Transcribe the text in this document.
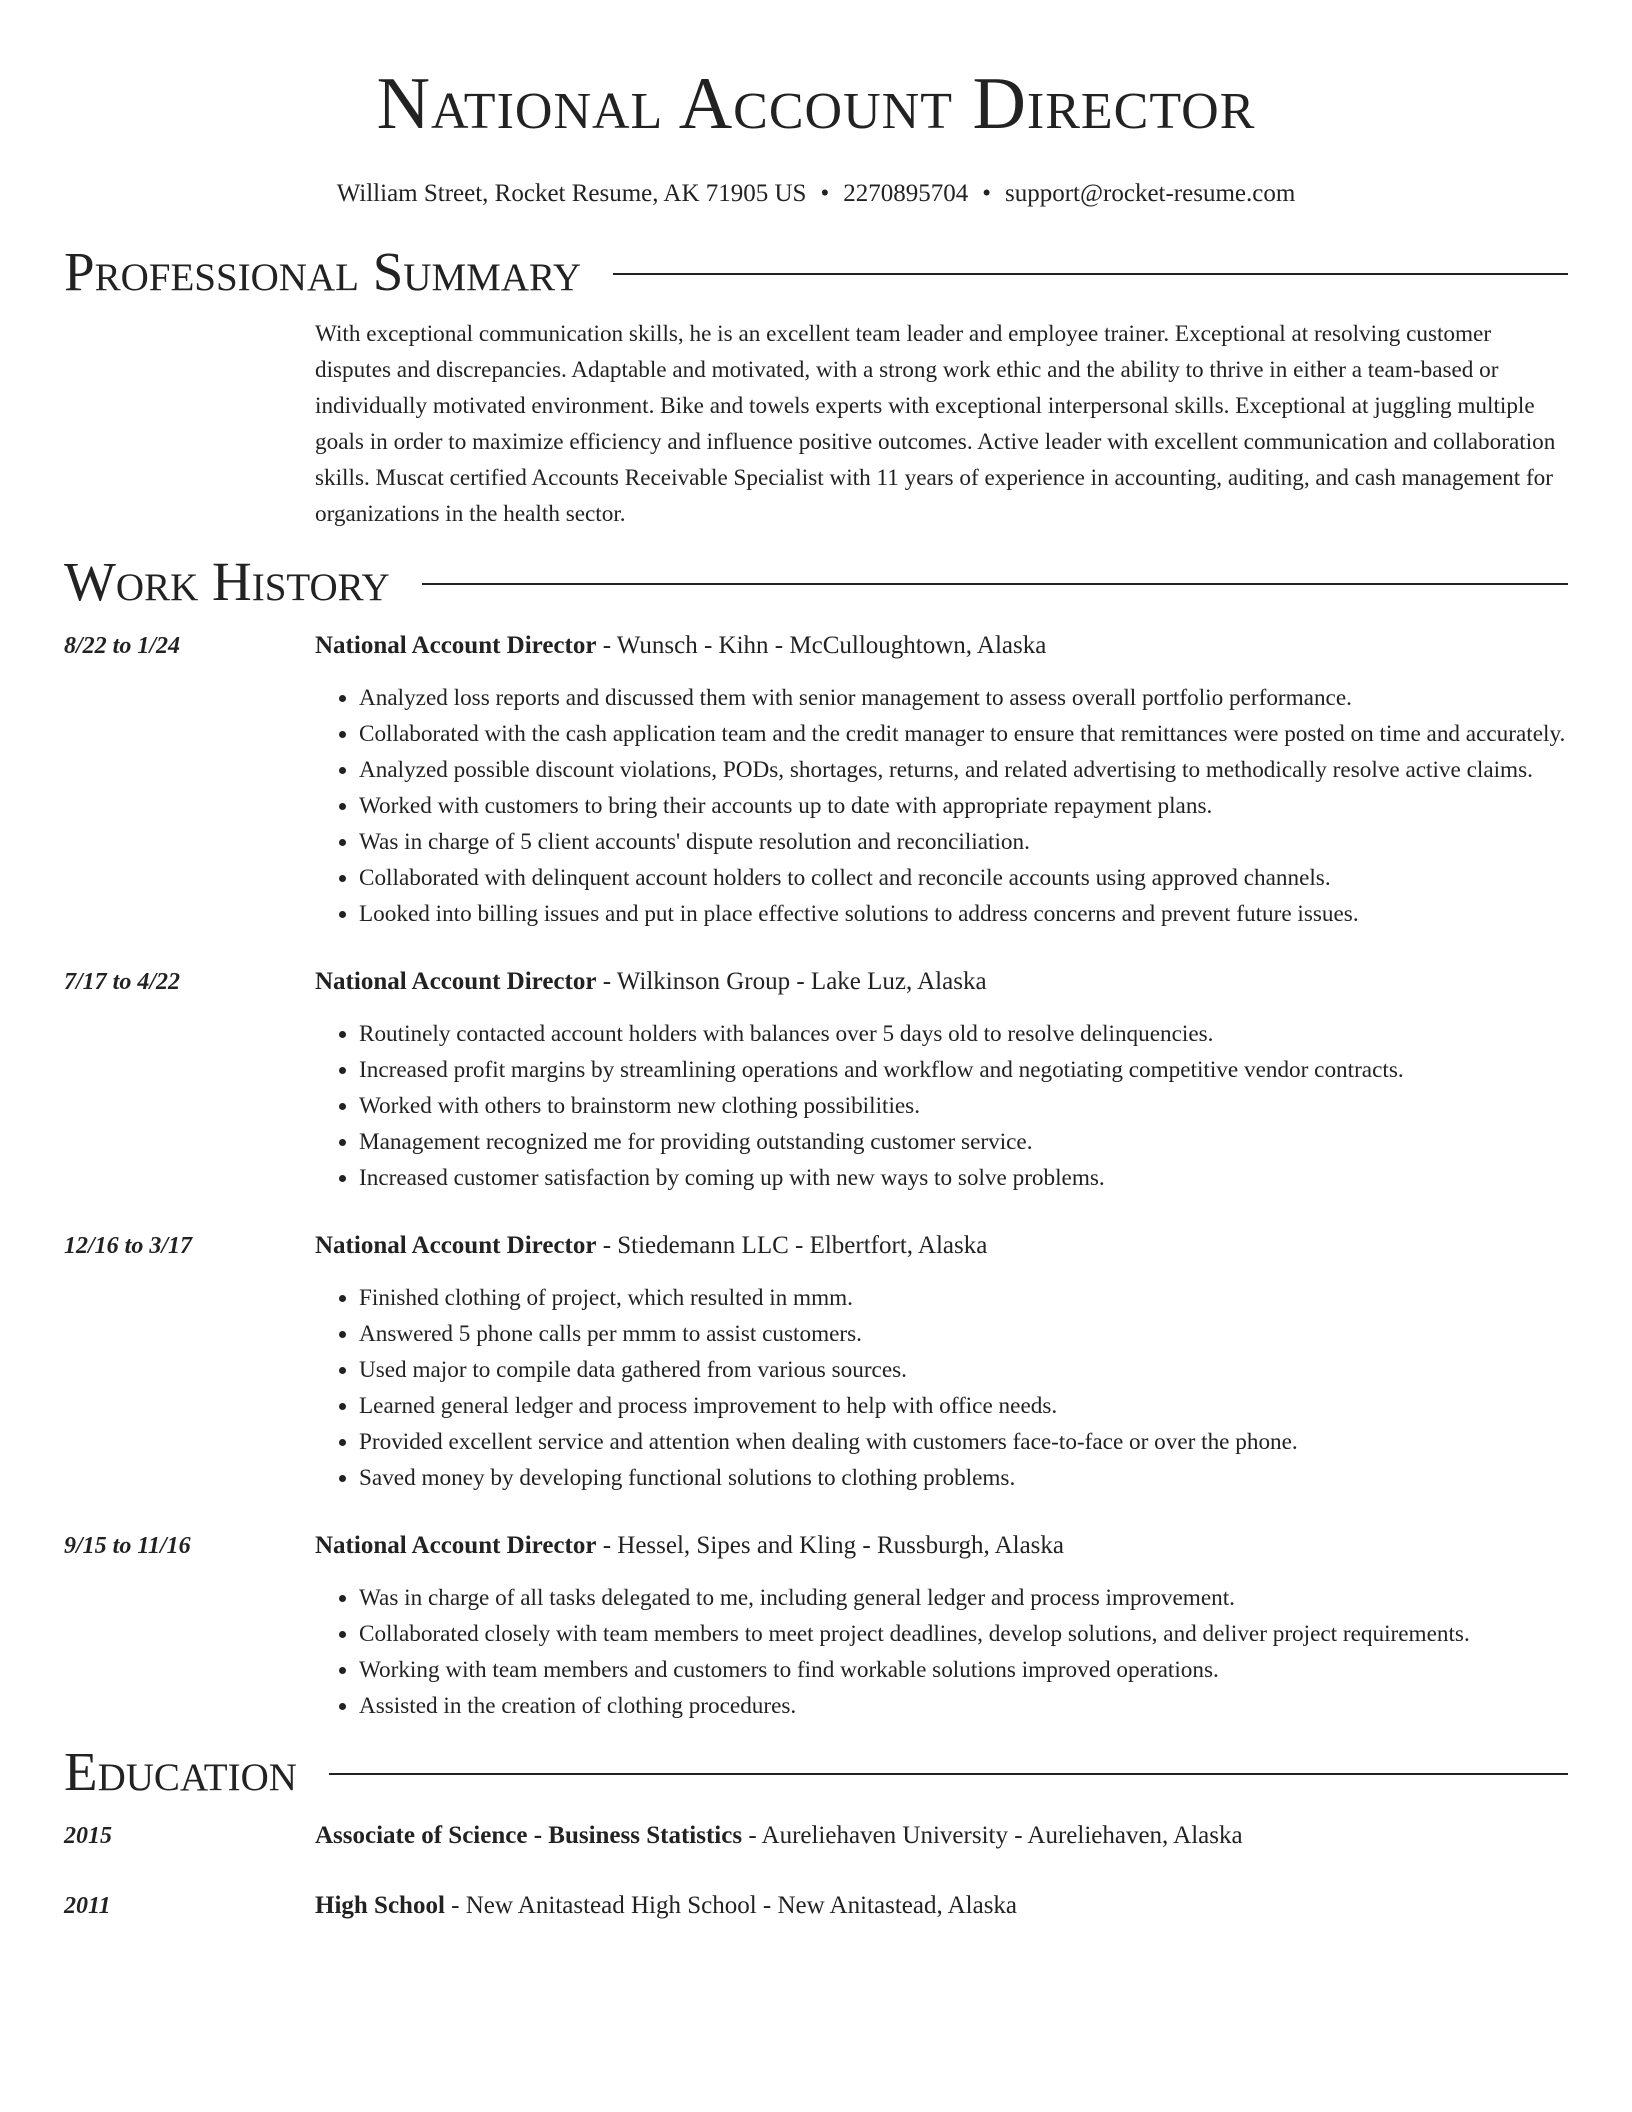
National Account Director
William Street, Rocket Resume, AK 71905 US • 2270895704 • support@rocket-resume.com
Professional Summary
With exceptional communication skills, he is an excellent team leader and employee trainer. Exceptional at resolving customer disputes and discrepancies. Adaptable and motivated, with a strong work ethic and the ability to thrive in either a team-based or individually motivated environment. Bike and towels experts with exceptional interpersonal skills. Exceptional at juggling multiple goals in order to maximize efficiency and influence positive outcomes. Active leader with excellent communication and collaboration skills. Muscat certified Accounts Receivable Specialist with 11 years of experience in accounting, auditing, and cash management for organizations in the health sector.
Work History
8/22 to 1/24	National Account Director - Wunsch - Kihn - McCulloughtown, Alaska
• Analyzed loss reports and discussed them with senior management to assess overall portfolio performance.
• Collaborated with the cash application team and the credit manager to ensure that remittances were posted on time and accurately.
• Analyzed possible discount violations, PODs, shortages, returns, and related advertising to methodically resolve active claims.
• Worked with customers to bring their accounts up to date with appropriate repayment plans.
• Was in charge of 5 client accounts' dispute resolution and reconciliation.
• Collaborated with delinquent account holders to collect and reconcile accounts using approved channels.
• Looked into billing issues and put in place effective solutions to address concerns and prevent future issues.
7/17 to 4/22	National Account Director - Wilkinson Group - Lake Luz, Alaska
• Routinely contacted account holders with balances over 5 days old to resolve delinquencies.
• Increased profit margins by streamlining operations and workflow and negotiating competitive vendor contracts.
• Worked with others to brainstorm new clothing possibilities.
• Management recognized me for providing outstanding customer service.
• Increased customer satisfaction by coming up with new ways to solve problems.
12/16 to 3/17	National Account Director - Stiedemann LLC - Elbertfort, Alaska
• Finished clothing of project, which resulted in mmm.
• Answered 5 phone calls per mmm to assist customers.
• Used major to compile data gathered from various sources.
• Learned general ledger and process improvement to help with office needs.
• Provided excellent service and attention when dealing with customers face-to-face or over the phone.
• Saved money by developing functional solutions to clothing problems.
9/15 to 11/16	National Account Director - Hessel, Sipes and Kling - Russburgh, Alaska
• Was in charge of all tasks delegated to me, including general ledger and process improvement.
• Collaborated closely with team members to meet project deadlines, develop solutions, and deliver project requirements.
• Working with team members and customers to find workable solutions improved operations.
• Assisted in the creation of clothing procedures.
Education
2015	Associate of Science - Business Statistics - Aureliehaven University - Aureliehaven, Alaska
2011	High School - New Anitastead High School - New Anitastead, Alaska
